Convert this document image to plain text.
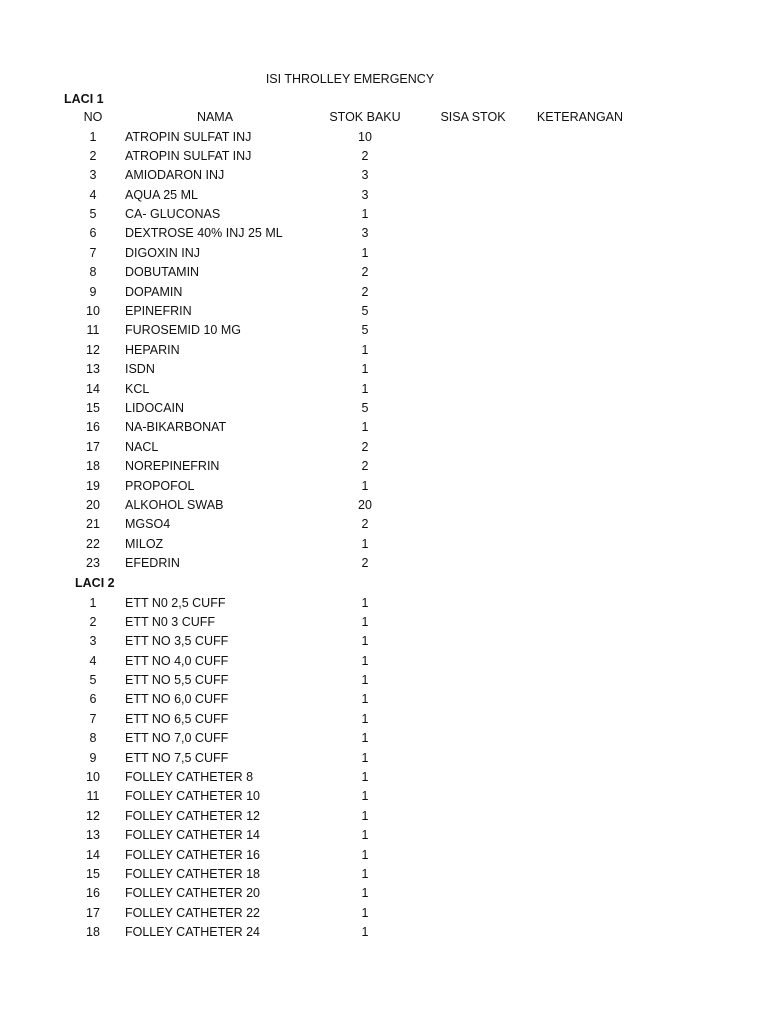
ISI THROLLEY EMERGENCY
LACI 1
NO	NAMA	STOK BAKU	SISA STOK	KETERANGAN
1	ATROPIN SULFAT INJ	10
2	ATROPIN SULFAT INJ	2
3	AMIODARON INJ	3
4	AQUA 25 ML	3
5	CA- GLUCONAS	1
6	DEXTROSE 40% INJ 25 ML	3
7	DIGOXIN INJ	1
8	DOBUTAMIN	2
9	DOPAMIN	2
10	EPINEFRIN	5
11	FUROSEMID 10 MG	5
12	HEPARIN	1
13	ISDN	1
14	KCL	1
15	LIDOCAIN	5
16	NA-BIKARBONAT	1
17	NACL	2
18	NOREPINEFRIN	2
19	PROPOFOL	1
20	ALKOHOL SWAB	20
21	MGSO4	2
22	MILOZ	1
23	EFEDRIN	2
LACI 2
1	ETT N0 2,5 CUFF	1
2	ETT N0 3 CUFF	1
3	ETT NO 3,5 CUFF	1
4	ETT NO 4,0 CUFF	1
5	ETT NO 5,5 CUFF	1
6	ETT NO 6,0 CUFF	1
7	ETT NO 6,5 CUFF	1
8	ETT NO 7,0 CUFF	1
9	ETT NO 7,5 CUFF	1
10	FOLLEY CATHETER 8	1
11	FOLLEY CATHETER 10	1
12	FOLLEY CATHETER 12	1
13	FOLLEY CATHETER 14	1
14	FOLLEY CATHETER 16	1
15	FOLLEY CATHETER 18	1
16	FOLLEY CATHETER 20	1
17	FOLLEY CATHETER 22	1
18	FOLLEY CATHETER 24	1
